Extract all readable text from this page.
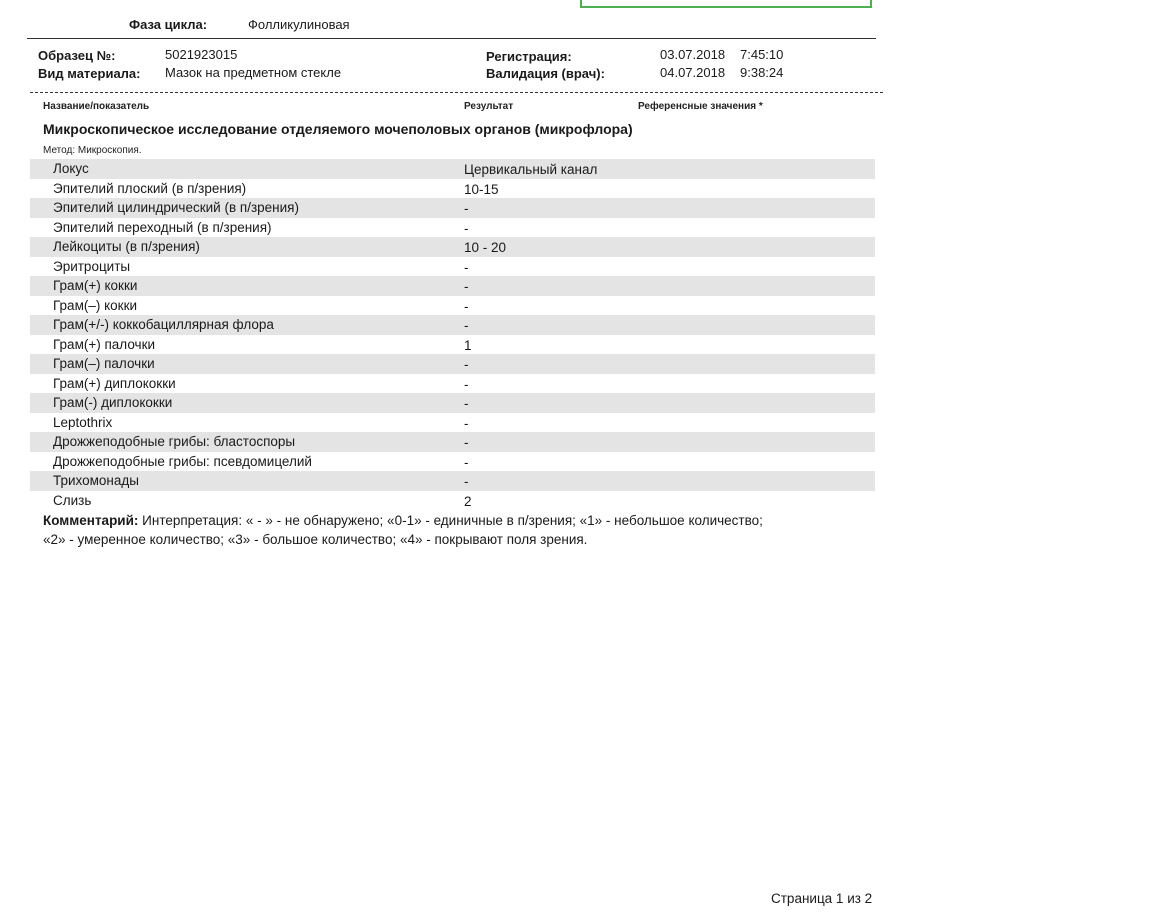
Фаза цикла:	Фолликулиновая
Образец №:	5021923015
Вид материала: Мазок на предметном стекле
Регистрация:	03.07.2018 7:45:10
Валидация (врач):	04.07.2018 9:38:24
Название/показатель	Результат	Референсные значения *
Микроскопическое исследование отделяемого мочеполовых органов (микрофлора)
Метод: Микроскопия.
Локус	Цервикальный канал
Эпителий плоский (в п/зрения)	10-15
Эпителий цилиндрический (в п/зрения)	-
Эпителий переходный (в п/зрения)	-
Лейкоциты (в п/зрения)	10 - 20
Эритроциты	-
Грам(+) кокки	-
Грам(–) кокки	-
Грам(+/-) коккобациллярная флора	-
Грам(+) палочки	1
Грам(–) палочки	-
Грам(+) диплококки	-
Грам(-) диплококки	-
Leptothrix	-
Дрожжеподобные грибы: бластоспоры	-
Дрожжеподобные грибы: псевдомицелий	-
Трихомонады	-
Слизь	2
Комментарий: Интерпретация: « - » - не обнаружено; «0-1» - единичные в п/зрения; «1» - небольшое количество;
«2» - умеренное количество; «3» - большое количество; «4» - покрывают поля зрения.
Страница 1 из 2
